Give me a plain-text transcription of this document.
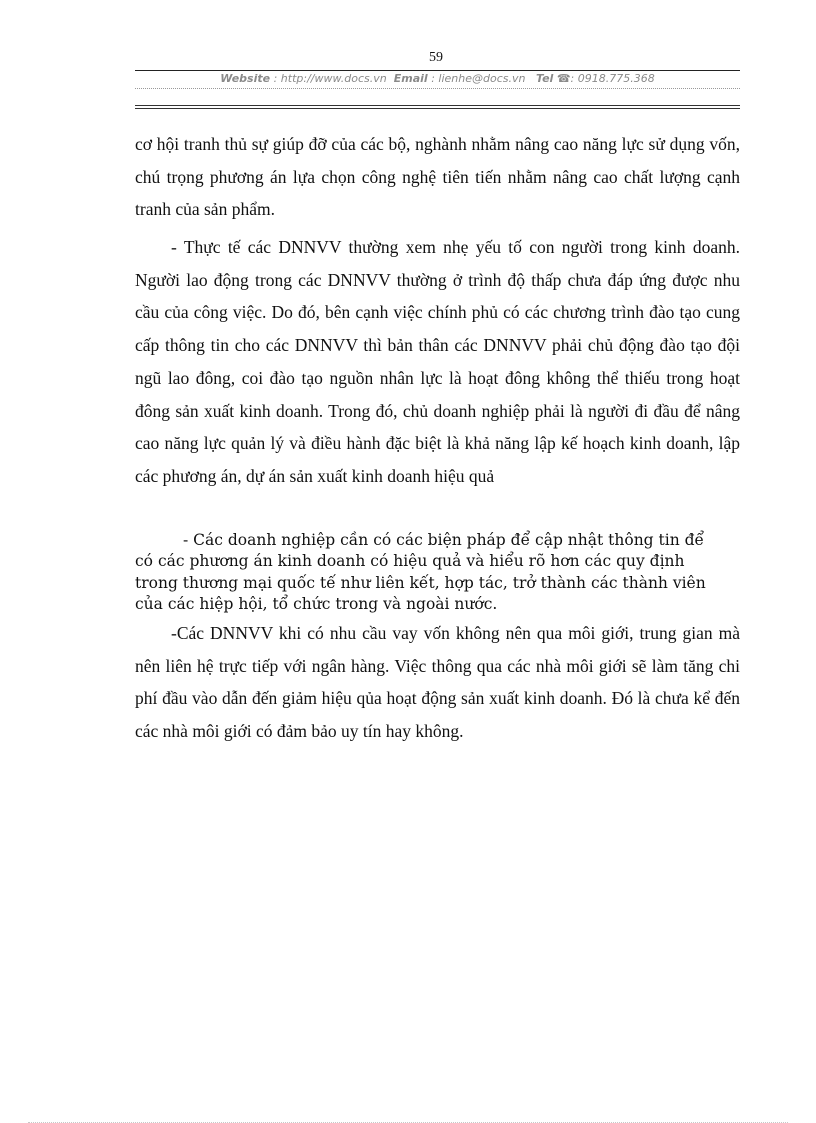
59
Website : http://www.docs.vn Email : lienhe@docs.vn Tel ☎: 0918.775.368

cơ hội tranh thủ sự giúp đỡ của các bộ, nghành nhằm nâng cao năng lực sử dụng vốn, chú trọng phương án lựa chọn công nghệ tiên tiến nhằm nâng cao chất lượng cạnh tranh của sản phẩm.

- Thực tế các DNNVV thường xem nhẹ yếu tố con người trong kinh doanh. Người lao động trong các DNNVV thường ở trình độ thấp chưa đáp ứng được nhu cầu của công việc. Do đó, bên cạnh việc chính phủ có các chương trình đào tạo cung cấp thông tin cho các DNNVV thì bản thân các DNNVV phải chủ động đào tạo đội ngũ lao đông, coi đào tạo nguồn nhân lực là hoạt đông không thể thiếu trong hoạt đông sản xuất kinh doanh. Trong đó, chủ doanh nghiệp phải là người đi đầu để nâng cao năng lực quản lý và điều hành đặc biệt là khả năng lập kế hoạch kinh doanh, lập các phương án, dự án sản xuất kinh doanh hiệu quả

- Các doanh nghiệp cần có các biện pháp để cập nhật thông tin để có các phương án kinh doanh có hiệu quả và hiểu rõ hơn các quy định trong thương mại quốc tế như liên kết, hợp tác, trở thành các thành viên của các hiệp hội, tổ chức trong và ngoài nước.

-Các DNNVV khi có nhu cầu vay vốn không nên qua môi giới, trung gian mà nên liên hệ trực tiếp với ngân hàng. Việc thông qua các nhà môi giới sẽ làm tăng chi phí đầu vào dẫn đến giảm hiệu qủa hoạt động sản xuất kinh doanh. Đó là chưa kể đến các nhà môi giới có đảm bảo uy tín hay không.
